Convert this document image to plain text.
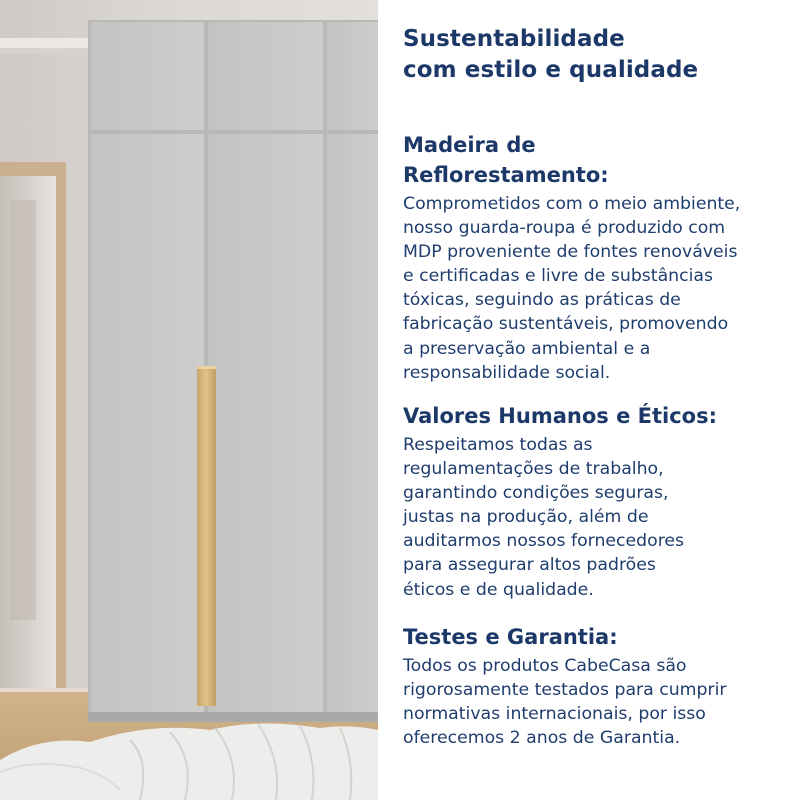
Sustentabilidade
com estilo e qualidade
Madeira de
Reflorestamento:

Comprometidos com o meio ambiente,
nosso guarda-roupa é produzido com
MDP proveniente de fontes renováveis
e certificadas e livre de substâncias
tóxicas, seguindo as práticas de
fabricação sustentáveis, promovendo
a preservação ambiental e a
responsabilidade social.

Valores Humanos e Éticos:

Respeitamos todas as
regulamentações de trabalho,
garantindo condições seguras,
justas na produção, além de
auditarmos nossos fornecedores
para assegurar altos padrões
éticos e de qualidade.

Testes e Garantia:

Todos os produtos CabeCasa são
rigorosamente testados para cumprir
normativas internacionais, por isso
oferecemos 2 anos de Garantia.
